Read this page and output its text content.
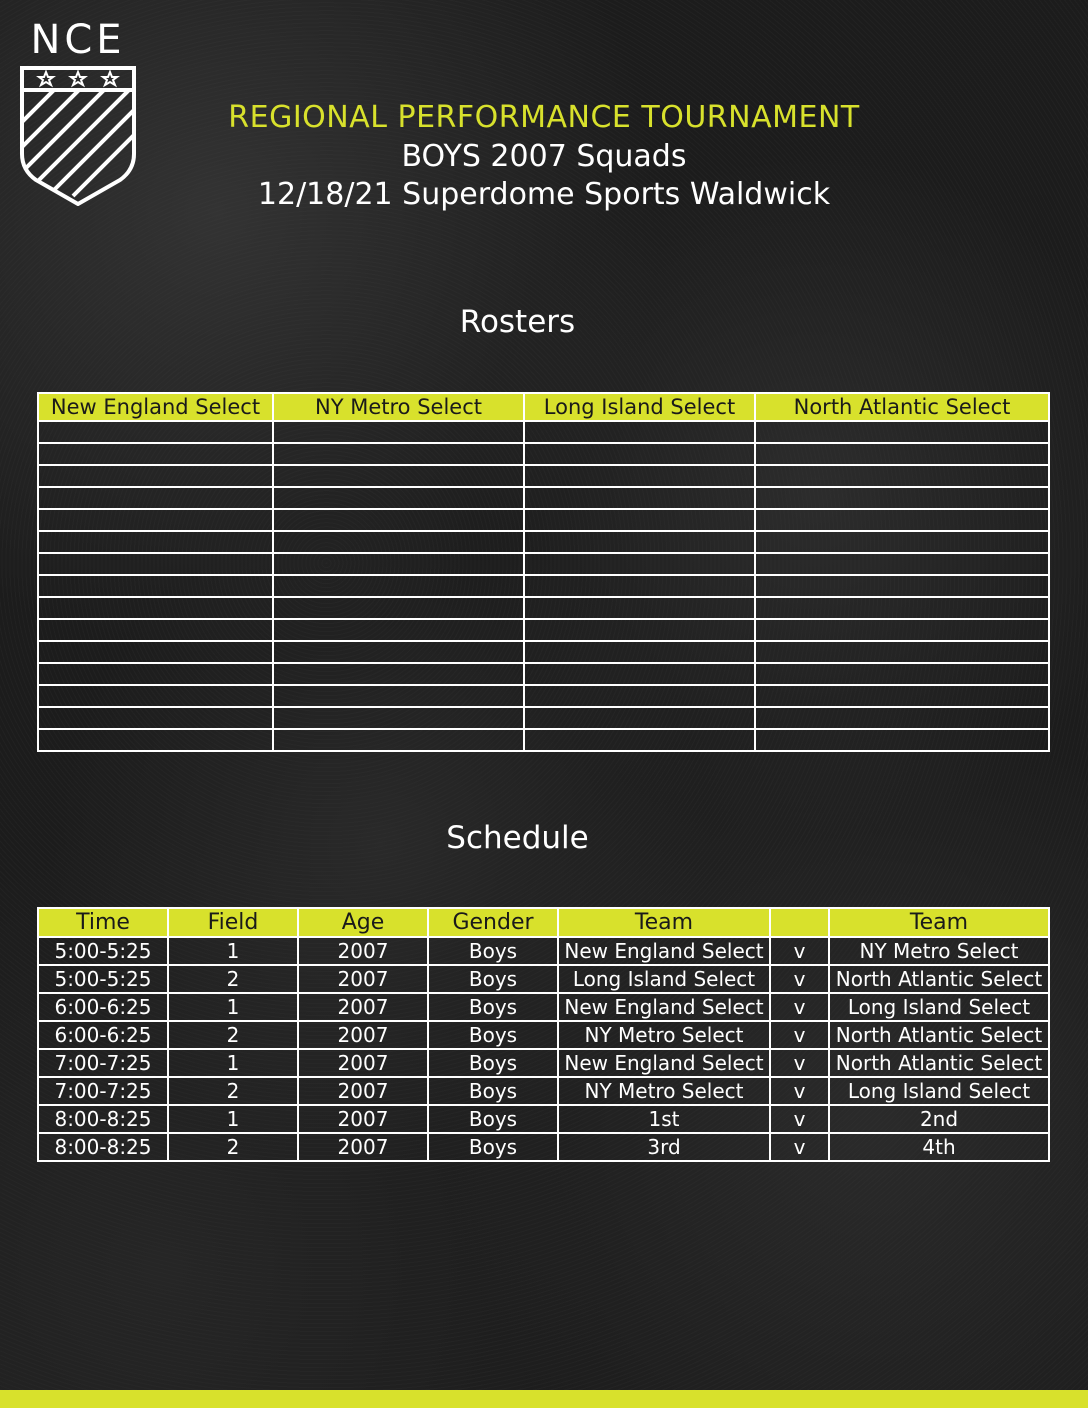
NCE
REGIONAL PERFORMANCE TOURNAMENT
BOYS 2007 Squads
12/18/21 Superdome Sports Waldwick
Rosters
New England Select	NY Metro Select	Long Island Select	North Atlantic Select

Schedule
Time	Field	Age	Gender	Team		Team
5:00-5:25	1	2007	Boys	New England Select	v	NY Metro Select
5:00-5:25	2	2007	Boys	Long Island Select	v	North Atlantic Select
6:00-6:25	1	2007	Boys	New England Select	v	Long Island Select
6:00-6:25	2	2007	Boys	NY Metro Select	v	North Atlantic Select
7:00-7:25	1	2007	Boys	New England Select	v	North Atlantic Select
7:00-7:25	2	2007	Boys	NY Metro Select	v	Long Island Select
8:00-8:25	1	2007	Boys	1st	v	2nd
8:00-8:25	2	2007	Boys	3rd	v	4th
